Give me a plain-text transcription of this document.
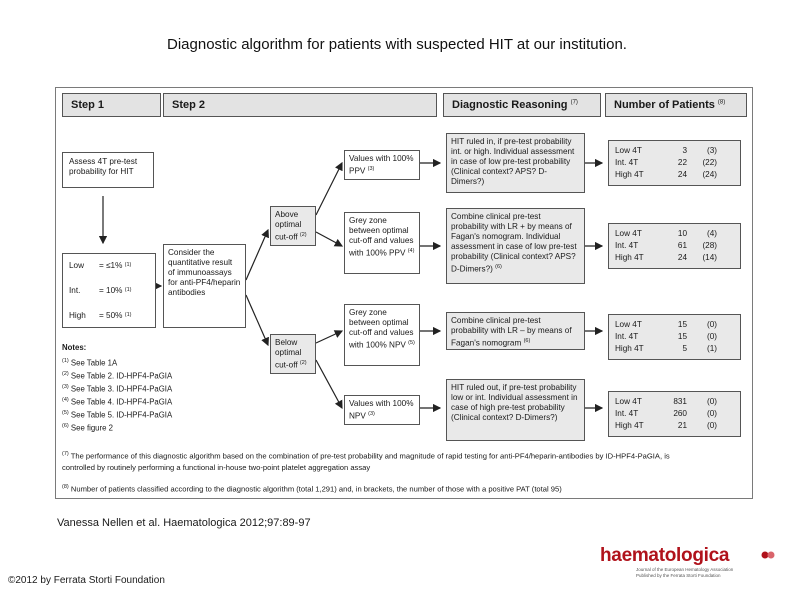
Diagnostic algorithm for patients with suspected HIT at our institution.
Step 1	Step 2	Diagnostic Reasoning $^{(7)}$	Number of Patients $^{(8)}$
Assess 4T pre-test probability for HIT
Low	= ≤1%
(1)
Int.	= 10%
(1)
High	= 50%
(1)
Consider the quantitative result of immunoassays for anti-PF4/heparin antibodies
Above optimal cut-off $^{(2)}$
Below optimal cut-off $^{(2)}$
Values with 100% PPV $^{(3)}$
Grey zone between optimal cut-off and values with 100% PPV $^{(4)}$
Grey zone between optimal cut-off and values with 100% NPV $^{(5)}$
Values with 100% NPV $^{(3)}$
HIT ruled in, if pre-test probability int. or high. Individual assessment in case of low pre-test probability (Clinical context? APS? D-Dimers?)
Combine clinical pre-test probability with LR + by means of Fagan's nomogram. Individual assessment in case of low pre-test probability (Clinical context? APS? D-Dimers?) $^{(6)}$
Combine clinical pre-test probability with LR – by means of Fagan's nomogram $^{(6)}$
HIT ruled out, if pre-test probability low or int. Individual assessment in case of high pre-test probability (Clinical context? D-Dimers?)
Low 4T	3	(3)
Int. 4T	22	(22)
High 4T	24	(24)
Low 4T	10	(4)
Int. 4T	61	(28)
High 4T	24	(14)
Low 4T	15	(0)
Int. 4T	15	(0)
High 4T	5	(1)
Low 4T	831	(0)
Int. 4T	260	(0)
High 4T	21	(0)
Notes:
$^{(1)}$ See Table 1A
$^{(2)}$ See Table 2. ID-HPF4-PaGIA
$^{(3)}$ See Table 3. ID-HPF4-PaGIA
$^{(4)}$ See Table 4. ID-HPF4-PaGIA
$^{(5)}$ See Table 5. ID-HPF4-PaGIA
$^{(6)}$ See figure 2
$^{(7)}$ The performance of this diagnostic algorithm based on the combination of pre-test probability and magnitude of rapid testing for anti-PF4/heparin-antibodies by ID-HPF4-PaGIA, is controlled by routinely performing a functional in-house two-point platelet aggregation assay
$^{(8)}$ Number of patients classified according to the diagnostic algorithm (total 1,291) and, in brackets, the number of those with a positive PAT (total 95)
Vanessa Nellen et al. Haematologica 2012;97:89-97
©2012 by Ferrata Storti Foundation
haematologica
Journal of the European Hematology Association
Published by the Ferrata Storti Foundation
